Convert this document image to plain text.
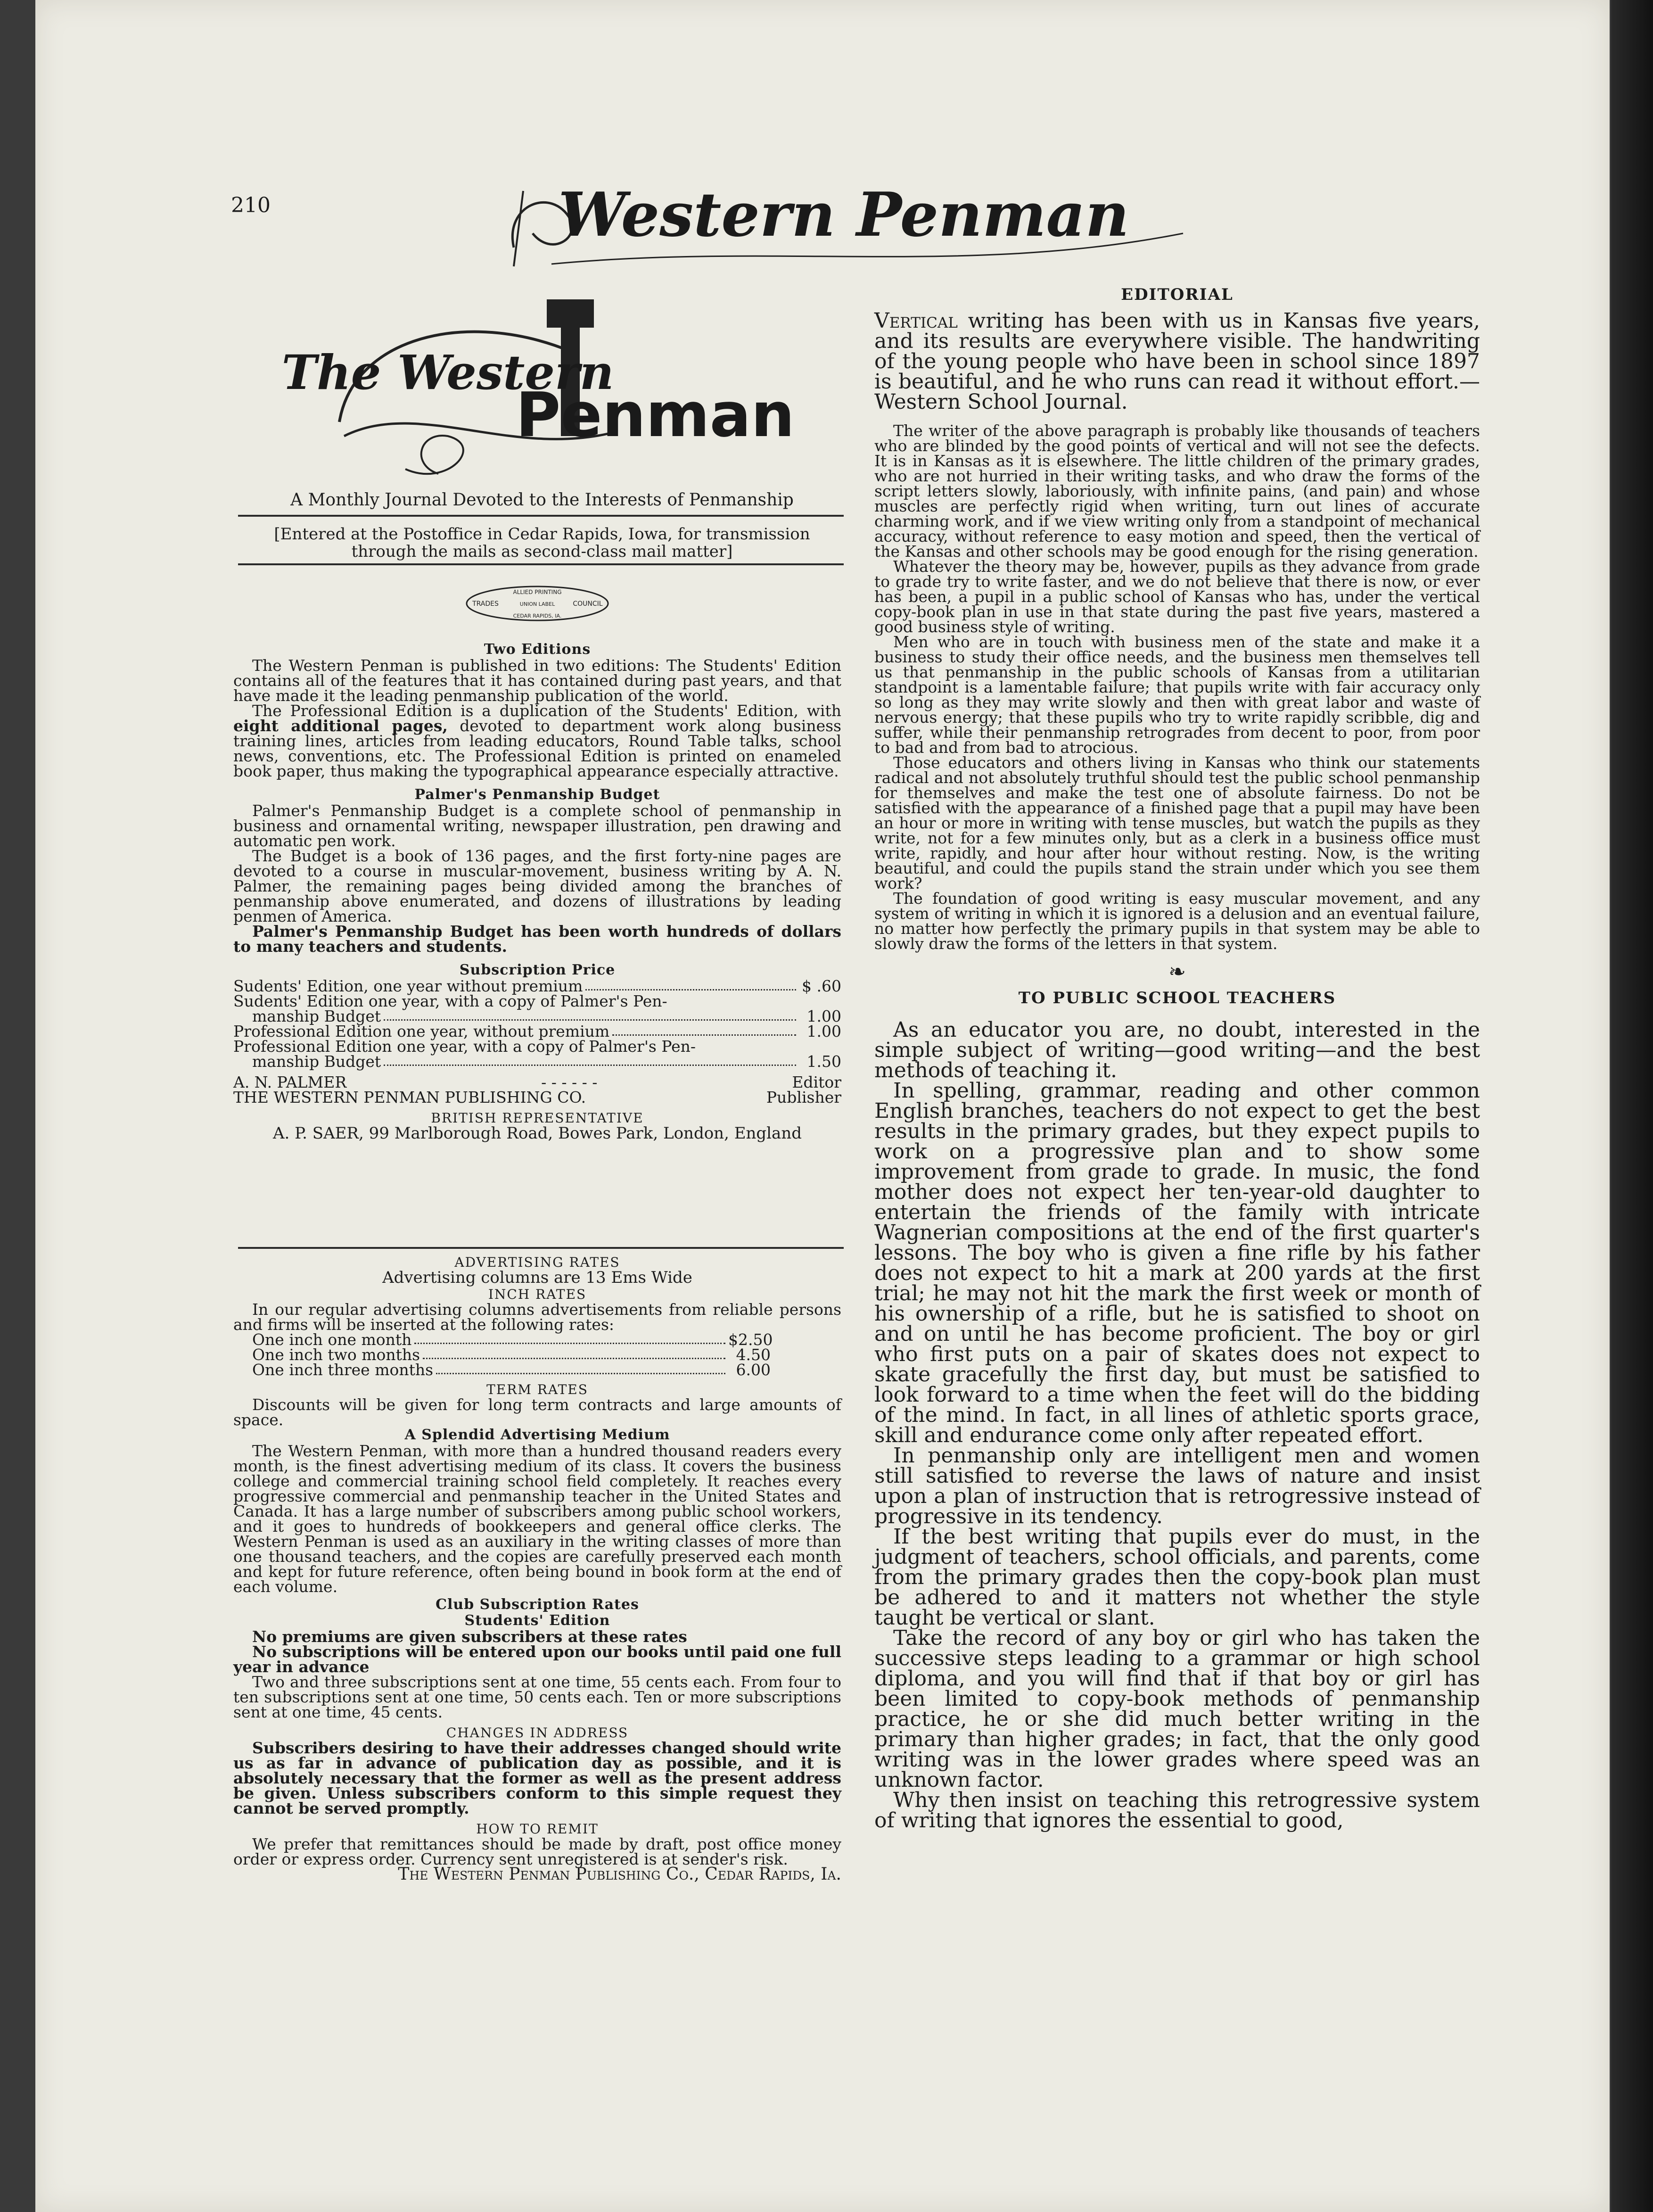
210	Western Penman
The Western
Penman
A Monthly Journal Devoted to the Interests of Penmanship
[Entered at the Postoffice in Cedar Rapids, Iowa, for transmission through the mails as second-class mail matter]
ALLIED PRINTING
TRADES	UNION LABEL	COUNCIL
CEDAR RAPIDS, IA.
Two Editions

The Western Penman is published in two editions: The Students' Edition contains all of the features that it has contained during past years, and that have made it the leading penmanship publication of the world.

The Professional Edition is a duplication of the Students' Edition, with eight additional pages, devoted to department work along business training lines, articles from leading educators, Round Table talks, school news, conventions, etc. The Professional Edition is printed on enameled book paper, thus making the typographical appearance especially attractive.

Palmer's Penmanship Budget

Palmer's Penmanship Budget is a complete school of penmanship in business and ornamental writing, newspaper illustration, pen drawing and automatic pen work.

The Budget is a book of 136 pages, and the first forty-nine pages are devoted to a course in muscular-movement, business writing by A. N. Palmer, the remaining pages being divided among the branches of penmanship above enumerated, and dozens of illustrations by leading penmen of America.

Palmer's Penmanship Budget has been worth hundreds of dollars to many teachers and students.

Subscription Price
Sudents' Edition, one year without premium	$ .60
Sudents' Edition one year, with a copy of Palmer's Pen-
manship Budget	1.00
Professional Edition one year, without premium	1.00
Professional Edition one year, with a copy of Palmer's Pen-
manship Budget	1.50
A. N. PALMER	- - - - - -	Editor
THE WESTERN PENMAN PUBLISHING CO.	Publisher
BRITISH REPRESENTATIVE
A. P. SAER, 99 Marlborough Road, Bowes Park, London, England
ADVERTISING RATES
Advertising columns are 13 Ems Wide
INCH RATES

In our regular advertising columns advertisements from reliable persons and firms will be inserted at the following rates:

One inch one month	$2.50
One inch two months	4.50
One inch three months	6.00
TERM RATES

Discounts will be given for long term contracts and large amounts of space.

A Splendid Advertising Medium

The Western Penman, with more than a hundred thousand readers every month, is the finest advertising medium of its class. It covers the business college and commercial training school field completely. It reaches every progressive commercial and penmanship teacher in the United States and Canada. It has a large number of subscribers among public school workers, and it goes to hundreds of bookkeepers and general office clerks. The Western Penman is used as an auxiliary in the writing classes of more than one thousand teachers, and the copies are carefully preserved each month and kept for future reference, often being bound in book form at the end of each volume.

Club Subscription Rates
Students' Edition

No premiums are given subscribers at these rates

No subscriptions will be entered upon our books until paid one full year in advance

Two and three subscriptions sent at one time, 55 cents each. From four to ten subscriptions sent at one time, 50 cents each. Ten or more subscriptions sent at one time, 45 cents.

CHANGES IN ADDRESS

Subscribers desiring to have their addresses changed should write us as far in advance of publication day as possible, and it is absolutely necessary that the former as well as the present address be given. Unless subscribers conform to this simple request they cannot be served promptly.

HOW TO REMIT

We prefer that remittances should be made by draft, post office money order or express order. Currency sent unregistered is at sender's risk.

The Western Penman Publishing Co., Cedar Rapids, Ia.
EDITORIAL
Vertical writing has been with us in Kansas five years, and its results are everywhere visible. The handwriting of the young people who have been in school since 1897 is beautiful, and he who runs can read it without effort.—Western School Journal.

The writer of the above paragraph is probably like thousands of teachers who are blinded by the good points of vertical and will not see the defects. It is in Kansas as it is elsewhere. The little children of the primary grades, who are not hurried in their writing tasks, and who draw the forms of the script letters slowly, laboriously, with infinite pains, (and pain) and whose muscles are perfectly rigid when writing, turn out lines of accurate charming work, and if we view writing only from a standpoint of mechanical accuracy, without reference to easy motion and speed, then the vertical of the Kansas and other schools may be good enough for the rising generation.

Whatever the theory may be, however, pupils as they advance from grade to grade try to write faster, and we do not believe that there is now, or ever has been, a pupil in a public school of Kansas who has, under the vertical copy-book plan in use in that state during the past five years, mastered a good business style of writing.

Men who are in touch with business men of the state and make it a business to study their office needs, and the business men themselves tell us that penmanship in the public schools of Kansas from a utilitarian standpoint is a lamentable failure; that pupils write with fair accuracy only so long as they may write slowly and then with great labor and waste of nervous energy; that these pupils who try to write rapidly scribble, dig and suffer, while their penmanship retrogrades from decent to poor, from poor to bad and from bad to atrocious.

Those educators and others living in Kansas who think our statements radical and not absolutely truthful should test the public school penmanship for themselves and make the test one of absolute fairness. Do not be satisfied with the appearance of a finished page that a pupil may have been an hour or more in writing with tense muscles, but watch the pupils as they write, not for a few minutes only, but as a clerk in a business office must write, rapidly, and hour after hour without resting. Now, is the writing beautiful, and could the pupils stand the strain under which you see them work?

The foundation of good writing is easy muscular movement, and any system of writing in which it is ignored is a delusion and an eventual failure, no matter how perfectly the primary pupils in that system may be able to slowly draw the forms of the letters in that system.

❧
TO PUBLIC SCHOOL TEACHERS

As an educator you are, no doubt, interested in the simple subject of writing—good writing—and the best methods of teaching it.

In spelling, grammar, reading and other common English branches, teachers do not expect to get the best results in the primary grades, but they expect pupils to work on a progressive plan and to show some improvement from grade to grade. In music, the fond mother does not expect her ten-year-old daughter to entertain the friends of the family with intricate Wagnerian compositions at the end of the first quarter's lessons. The boy who is given a fine rifle by his father does not expect to hit a mark at 200 yards at the first trial; he may not hit the mark the first week or month of his ownership of a rifle, but he is satisfied to shoot on and on until he has become proficient. The boy or girl who first puts on a pair of skates does not expect to skate gracefully the first day, but must be satisfied to look forward to a time when the feet will do the bidding of the mind. In fact, in all lines of athletic sports grace, skill and endurance come only after repeated effort.

In penmanship only are intelligent men and women still satisfied to reverse the laws of nature and insist upon a plan of instruction that is retrogressive instead of progressive in its tendency.

If the best writing that pupils ever do must, in the judgment of teachers, school officials, and parents, come from the primary grades then the copy-book plan must be adhered to and it matters not whether the style taught be vertical or slant.

Take the record of any boy or girl who has taken the successive steps leading to a grammar or high school diploma, and you will find that if that boy or girl has been limited to copy-book methods of penmanship practice, he or she did much better writing in the primary than higher grades; in fact, that the only good writing was in the lower grades where speed was an unknown factor.

Why then insist on teaching this retrogressive system of writing that ignores the essential to good,
